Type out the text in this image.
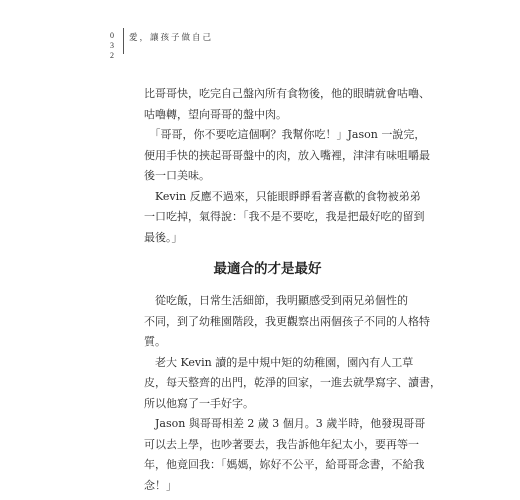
0
3
2
愛，讓孩子做自己

比哥哥快，吃完自己盤內所有食物後，他的眼睛就會咕嚕、
咕嚕轉，望向哥哥的盤中肉。

　「哥哥，你不要吃這個啊？我幫你吃！」Jason 一說完，
便用手快的挾起哥哥盤中的肉，放入嘴裡，津津有味咀嚼最
後一口美味。

　Kevin 反應不過來，只能眼睜睜看著喜歡的食物被弟弟
一口吃掉，氣得說：「我不是不要吃，我是把最好吃的留到
最後。」

最適合的才是最好

　從吃飯，日常生活細節，我明顯感受到兩兄弟個性的
不同，到了幼稚園階段，我更觀察出兩個孩子不同的人格特
質。

　老大 Kevin 讀的是中規中矩的幼稚園，園內有人工草
皮，每天整齊的出門，乾淨的回家，一進去就學寫字、讀書，
所以他寫了一手好字。

　Jason 與哥哥相差 2 歲 3 個月。3 歲半時，他發現哥哥
可以去上學，也吵著要去，我告訴他年紀太小，要再等一
年，他竟回我：「媽媽，妳好不公平，給哥哥念書，不給我
念！」
